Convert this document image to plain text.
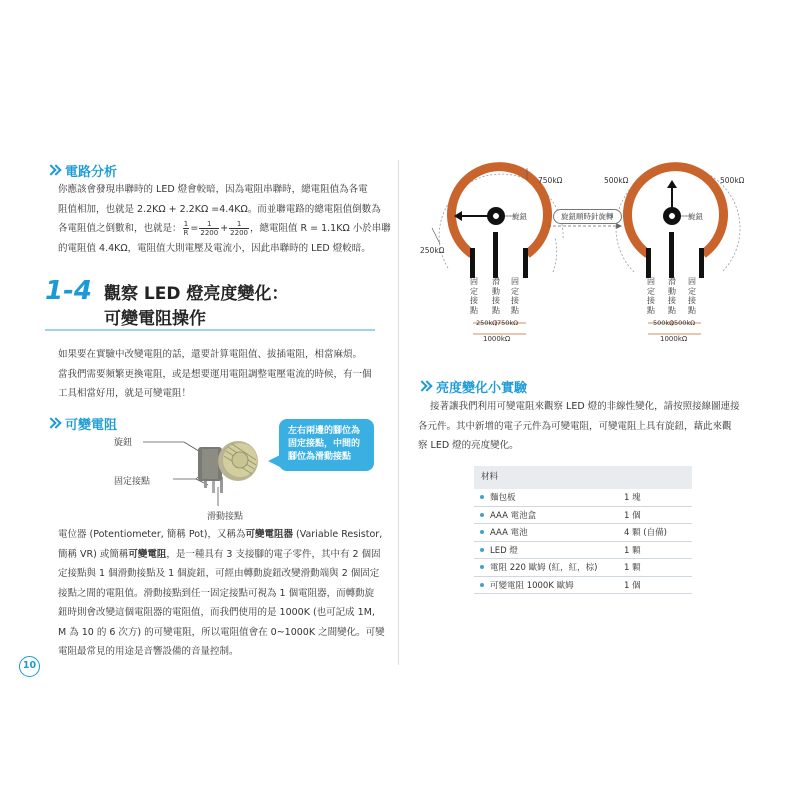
電路分析

你應該會發現串聯時的 LED 燈會較暗，因為電阻串聯時，總電阻值為各電

阻值相加，也就是 2.2KΩ + 2.2KΩ =4.4KΩ。而並聯電路的總電阻值倒數為

各電阻值之倒數和，也就是： $\frac{1}{R} = \frac{1}{2200} + \frac{1}{2200}$ ，總電阻值 R = 1.1KΩ 小於串聯

的電阻值 4.4KΩ，電阻值大則電壓及電流小，因此串聯時的 LED 燈較暗。

1-4 觀察 LED 燈亮度變化：
可變電阻操作

如果要在實驗中改變電阻的話，還要計算電阻值、拔插電阻，相當麻煩。

當我們需要頻繁更換電阻，或是想要運用電阻調整電壓電流的時候，有一個

工具相當好用，就是可變電阻！

可變電阻
旋鈕
固定接點
滑動接點
左右兩邊的腳位為
固定接點，中間的
腳位為滑動接點

電位器 (Potentiometer, 簡稱 Pot)，又稱為可變電阻器 (Variable Resistor,

簡稱 VR) 或簡稱可變電阻，是一種具有 3 支接腳的電子零件，其中有 2 個固

定接點與 1 個滑動接點及 1 個旋鈕，可經由轉動旋鈕改變滑動端與 2 個固定

接點之間的電阻值。滑動接點到任一固定接點可視為 1 個電阻器，而轉動旋

鈕時則會改變這個電阻器的電阻值，而我們使用的是 1000K (也可記成 1M,

M 為 10 的 6 次方) 的可變電阻，所以電阻值會在 0~1000K 之間變化。可變

電阻最常見的用途是音響設備的音量控制。

10
750kΩ
250kΩ
旋鈕
固定接點
滑動接點
固定接點
250kΩ 750kΩ
1000kΩ
旋鈕順時針旋轉
500kΩ	500kΩ
旋鈕
固定接點
滑動接點
固定接點
500kΩ 500kΩ
1000kΩ
亮度變化小實驗

接著讓我們利用可變電阻來觀察 LED 燈的非線性變化，請按照接線圖連接

各元件。其中新增的電子元件為可變電阻，可變電阻上具有旋鈕，藉此來觀

察 LED 燈的亮度變化。

材料
麵包板	1 塊
AAA 電池盒	1 個
AAA 電池	4 顆 (自備)
LED 燈	1 顆
電阻 220 歐姆 (紅，紅，棕)	1 顆
可變電阻 1000K 歐姆	1 個
